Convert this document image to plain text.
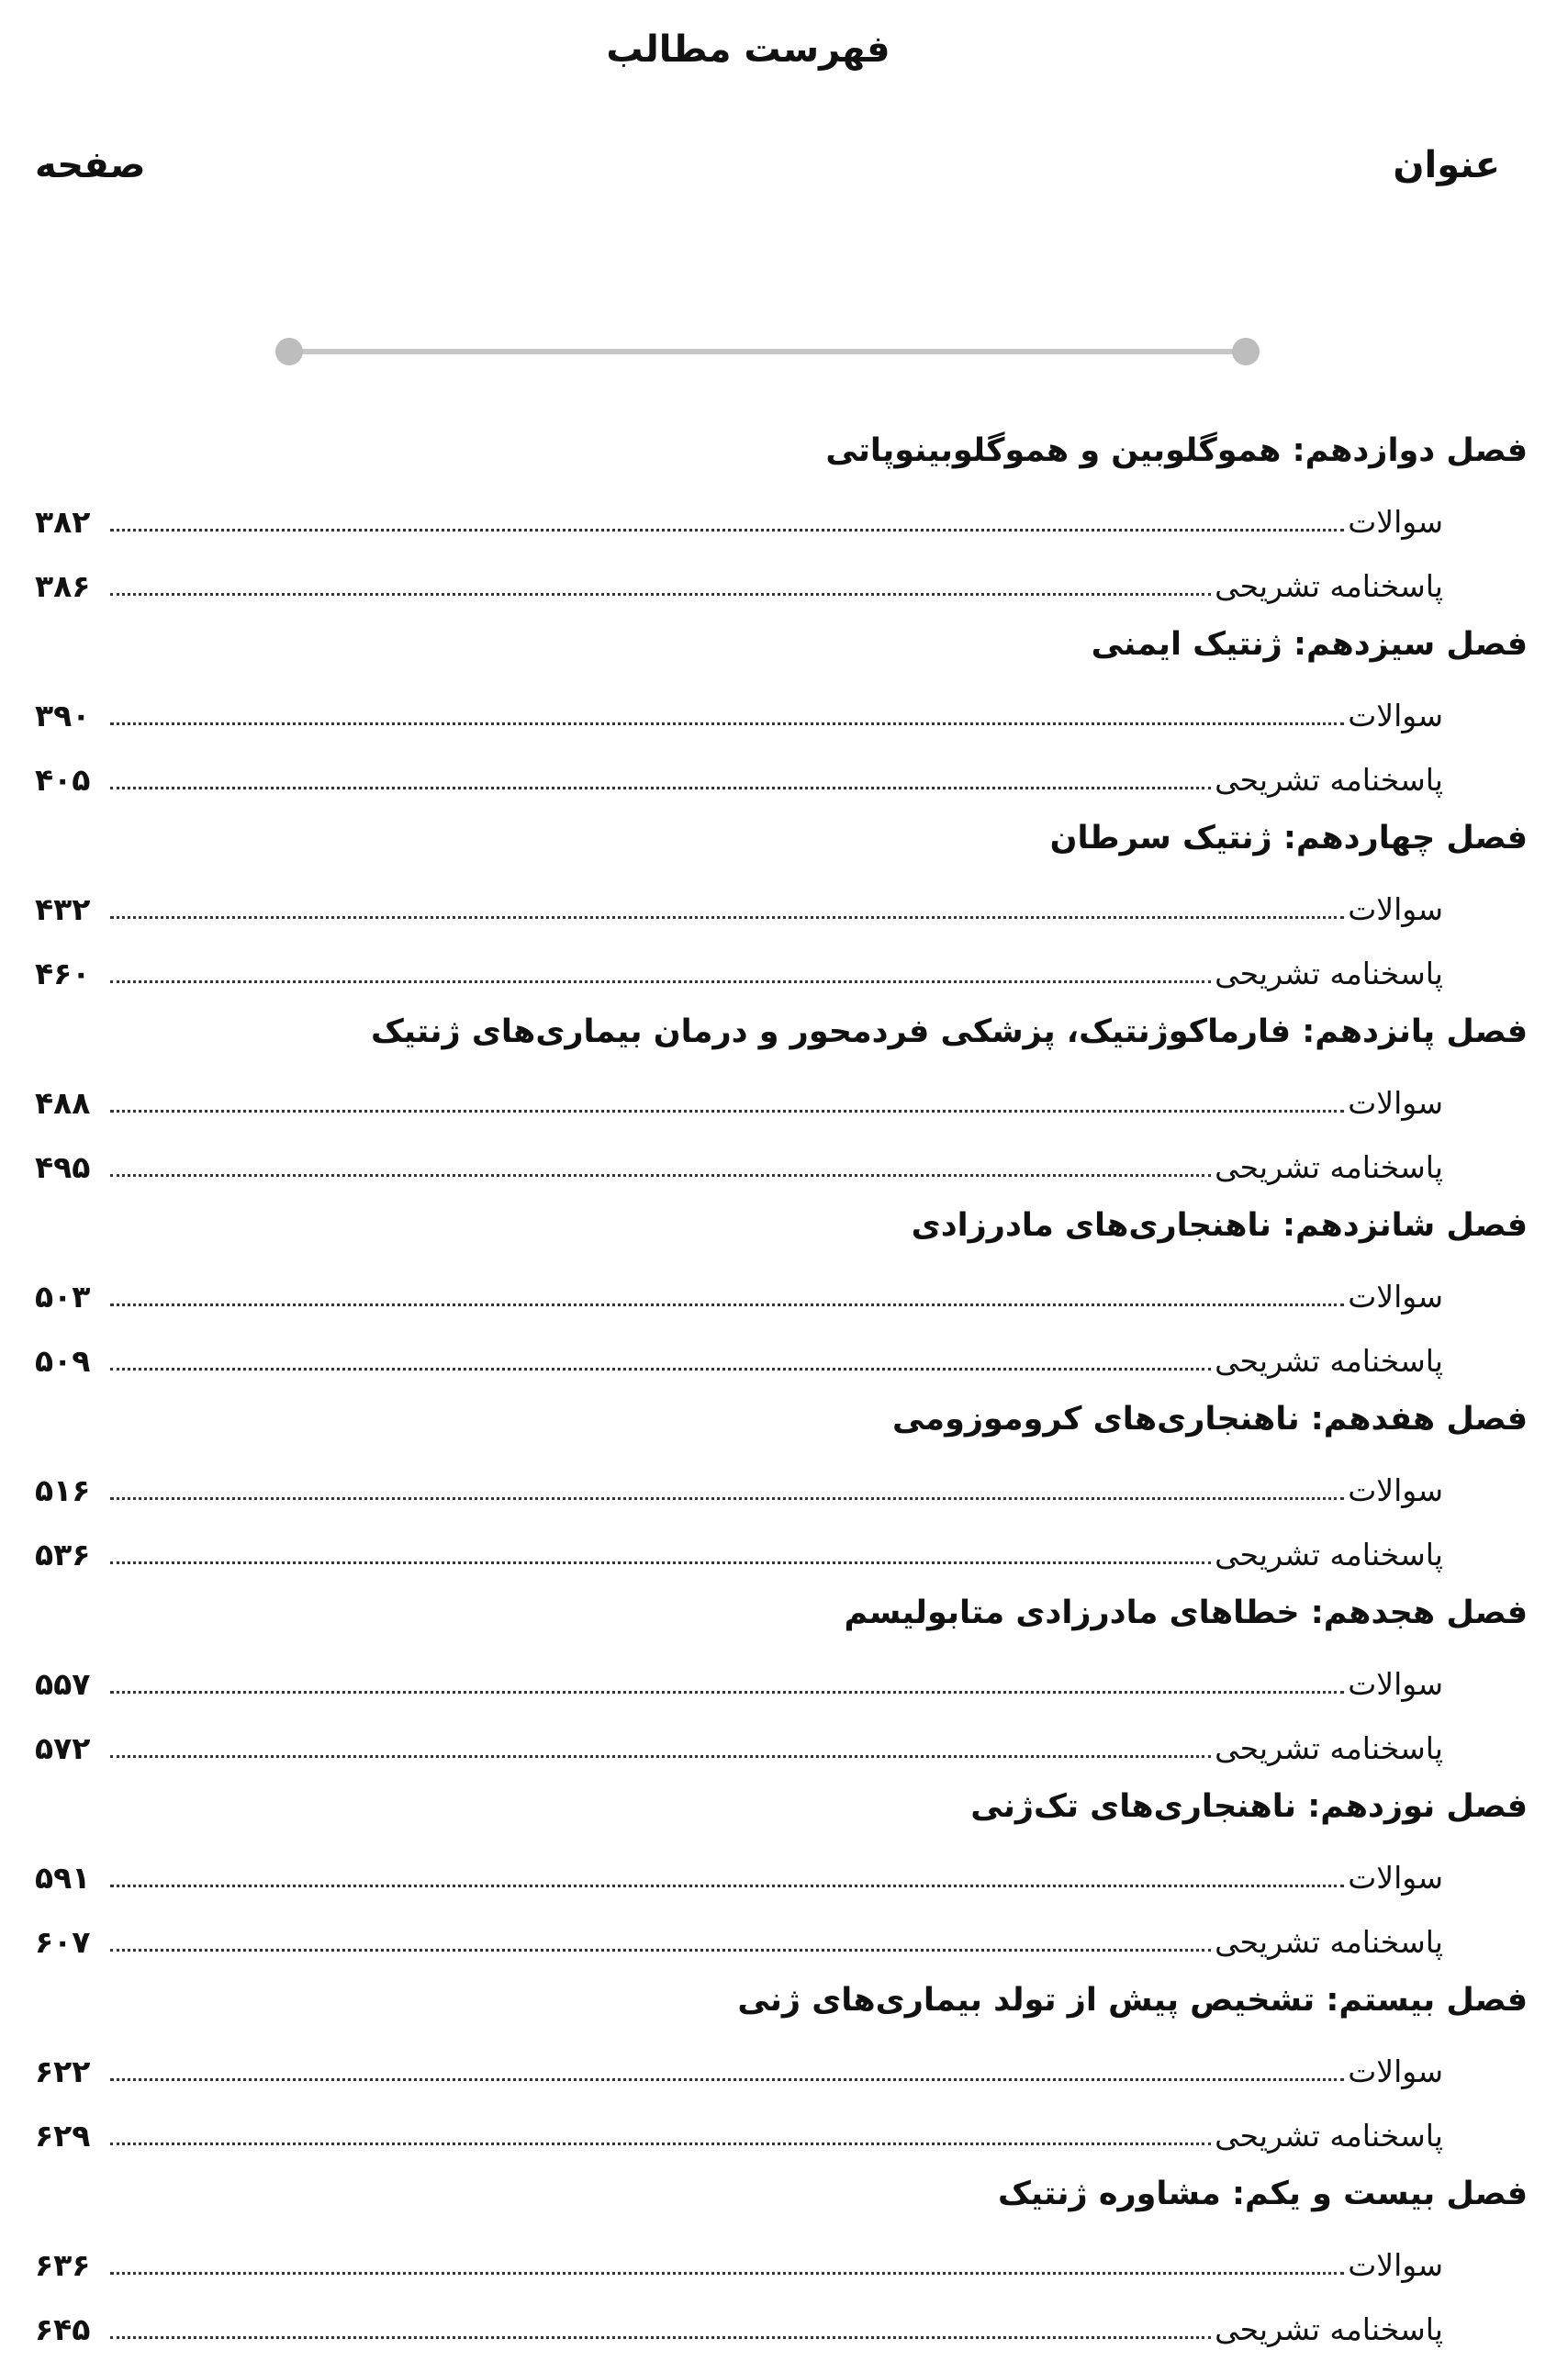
فهرست مطالب
عنوان
صفحه
فصل دوازدهم: هموگلوبین و هموگلوبینوپاتی
سوالات
۳۸۲
پاسخنامه تشریحی
۳۸۶
فصل سیزدهم: ژنتیک ایمنی
سوالات
۳۹۰
پاسخنامه تشریحی
۴۰۵
فصل چهاردهم: ژنتیک سرطان
سوالات
۴۳۲
پاسخنامه تشریحی
۴۶۰
فصل پانزدهم: فارماکوژنتیک، پزشکی فردمحور و درمان بیماری‌های ژنتیک
سوالات
۴۸۸
پاسخنامه تشریحی
۴۹۵
فصل شانزدهم: ناهنجاری‌های مادرزادی
سوالات
۵۰۳
پاسخنامه تشریحی
۵۰۹
فصل هفدهم: ناهنجاری‌های کروموزومی
سوالات
۵۱۶
پاسخنامه تشریحی
۵۳۶
فصل هجدهم: خطاهای مادرزادی متابولیسم
سوالات
۵۵۷
پاسخنامه تشریحی
۵۷۲
فصل نوزدهم: ناهنجاری‌های تک‌ژنی
سوالات
۵۹۱
پاسخنامه تشریحی
۶۰۷
فصل بیستم: تشخیص پیش از تولد بیماری‌های ژنی
سوالات
۶۲۲
پاسخنامه تشریحی
۶۲۹
فصل بیست و یکم: مشاوره ژنتیک
سوالات
۶۳۶
پاسخنامه تشریحی
۶۴۵
